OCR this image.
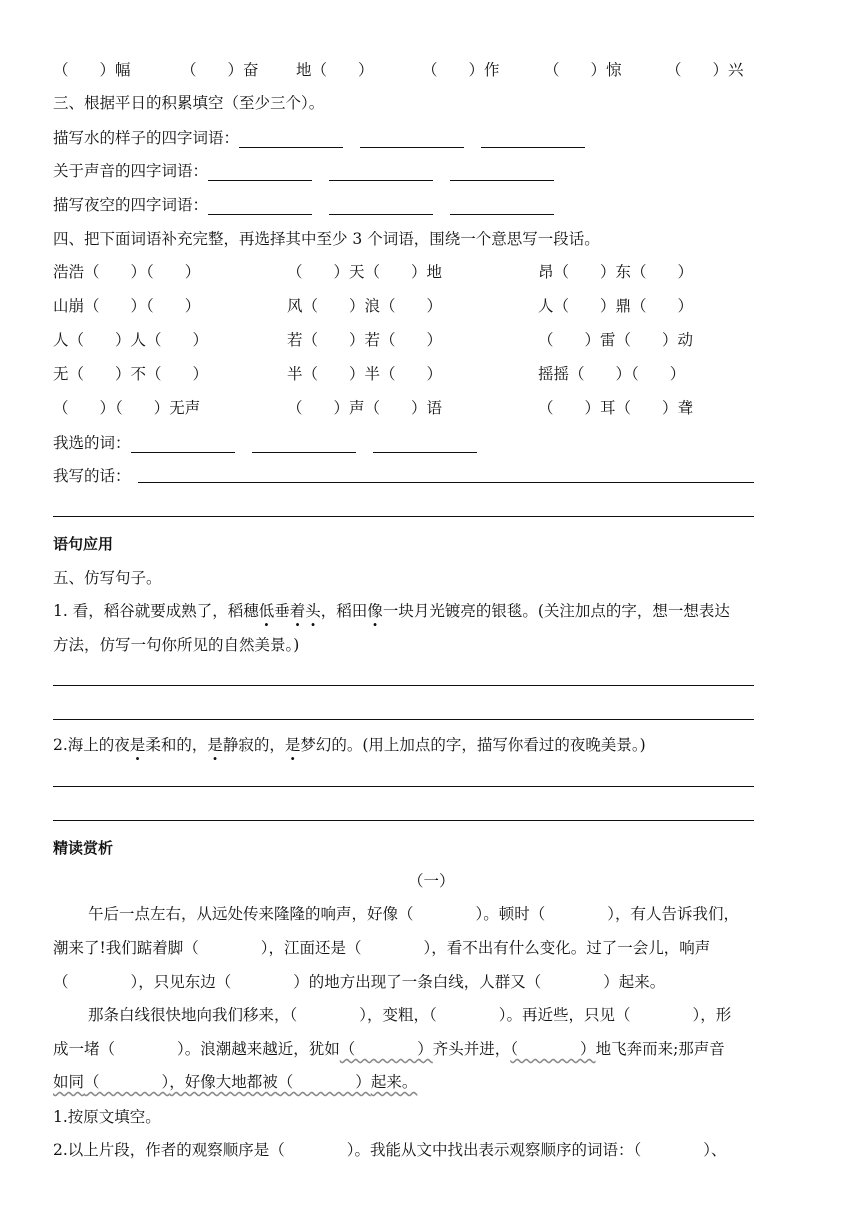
（　　）幅	（　　）奋 地（　　）	（　　）作	（　　）惊	（　　）兴
三、根据平日的积累填空（至少三个）。
描写水的样子的四字词语：
关于声音的四字词语：
描写夜空的四字词语：
四、把下面词语补充完整，再选择其中至少 3 个词语，围绕一个意思写一段话。
浩浩（　　）（　　）	（　　）天（　　）地	昂（　　）东（　　）
山崩（　　）（　　）	风（　　）浪（　　）	人（　　）鼎（　　）
人（　　）人（　　）	若（　　）若（　　）	（　　）雷（　　）动
无（　　）不（　　）	半（　　）半（　　）	摇摇（　　）（　　）
（　　）（　　）无声	（　　）声（　　）语	（　　）耳（　　）聋
我选的词：
我写的话：
语句应用
五、仿写句子。
1. 看，稻谷就要成熟了，稻穗低垂着头，稻田像一块月光镀亮的银毯。(关注加点的字，想一想表达
方法，仿写一句你所见的自然美景。)
2.海上的夜是柔和的，是静寂的，是梦幻的。(用上加点的字，描写你看过的夜晚美景。)
精读赏析
（一）
午后一点左右，从远处传来隆隆的响声，好像（　　　　）。顿时（　　　　），有人告诉我们，
潮来了!我们踮着脚（　　　　），江面还是（　　　　），看不出有什么变化。过了一会儿，响声
（　　　　），只见东边（　　　　）的地方出现了一条白线，人群又（　　　　）起来。
那条白线很快地向我们移来，（　　　　），变粗，（　　　　）。再近些，只见（　　　　），形
成一堵（　　　　）。浪潮越来越近，犹如（　　　　）齐头并进，（　　　　）地飞奔而来;那声音
如同（　　　　），好像大地都被（　　　　）起来。
1.按原文填空。
2.以上片段，作者的观察顺序是（　　　　）。我能从文中找出表示观察顺序的词语：（　　　　）、
